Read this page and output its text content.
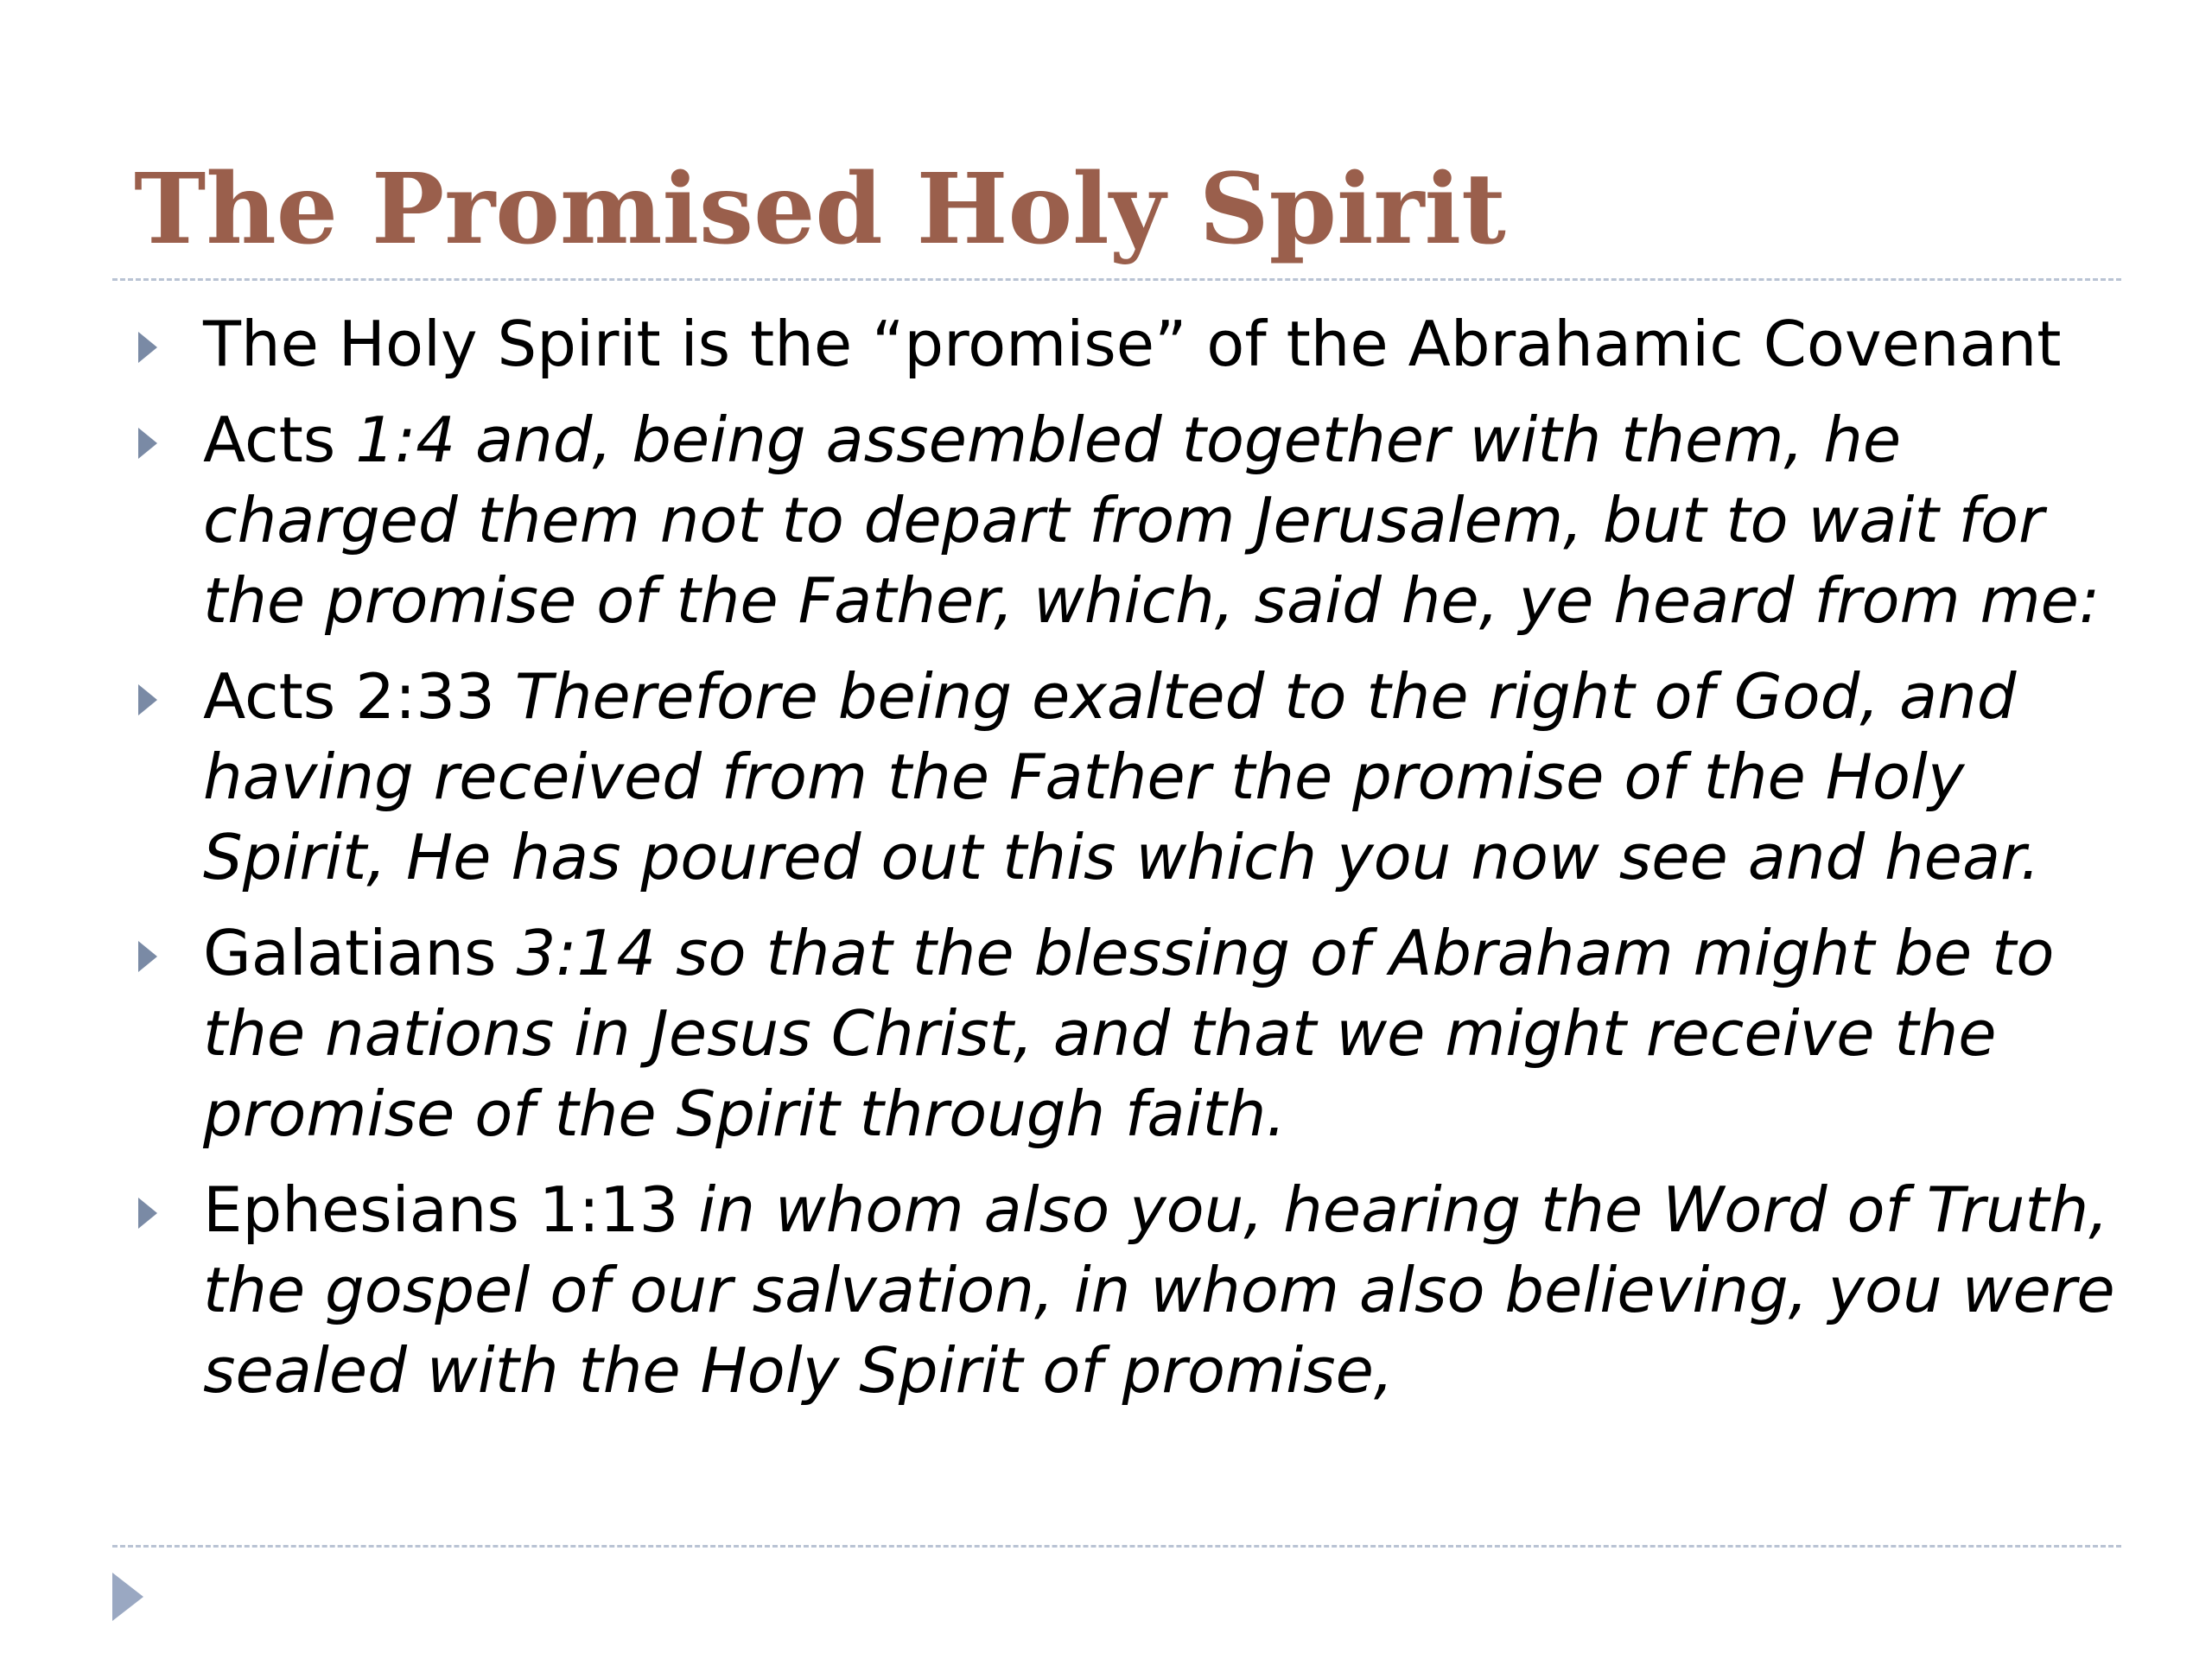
The Promised Holy Spirit
The Holy Spirit is the “promise” of the Abrahamic Covenant
Acts 1:4 and, being assembled together with them, he charged them not to depart from Jerusalem, but to wait for the promise of the Father, which, said he, ye heard from me:
Acts 2:33 Therefore being exalted to the right of God, and having received from the Father the promise of the Holy Spirit, He has poured out this which you now see and hear.
Galatians 3:14 so that the blessing of Abraham might be to the nations in Jesus Christ, and that we might receive the promise of the Spirit through faith.
Ephesians 1:13 in whom also you, hearing the Word of Truth, the gospel of our salvation, in whom also believing, you were sealed with the Holy Spirit of promise,
